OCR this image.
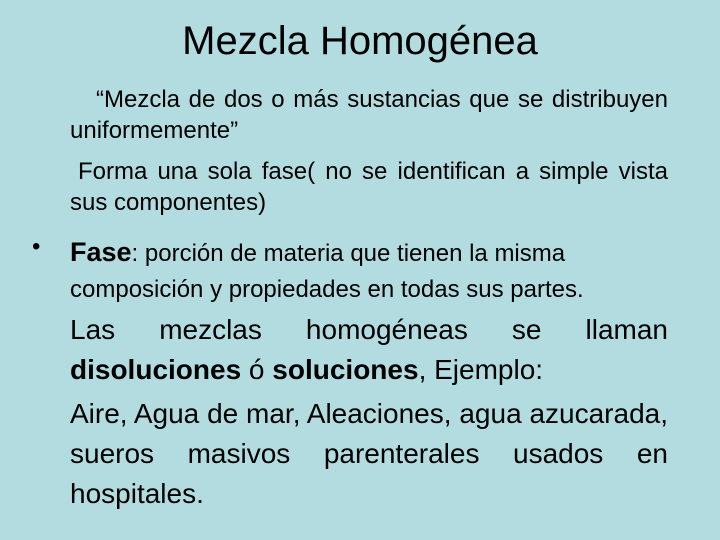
Mezcla Homogénea
“Mezcla de dos o más sustancias que se distribuyen uniformemente”
Forma una sola fase( no se identifican a simple vista sus componentes)
• Fase: porción de materia que tienen la misma
composición y propiedades en todas sus partes.
Las mezclas homogéneas se llaman disoluciones ó soluciones, Ejemplo:
Aire, Agua de mar, Aleaciones, agua azucarada, sueros masivos parenterales usados en hospitales.
